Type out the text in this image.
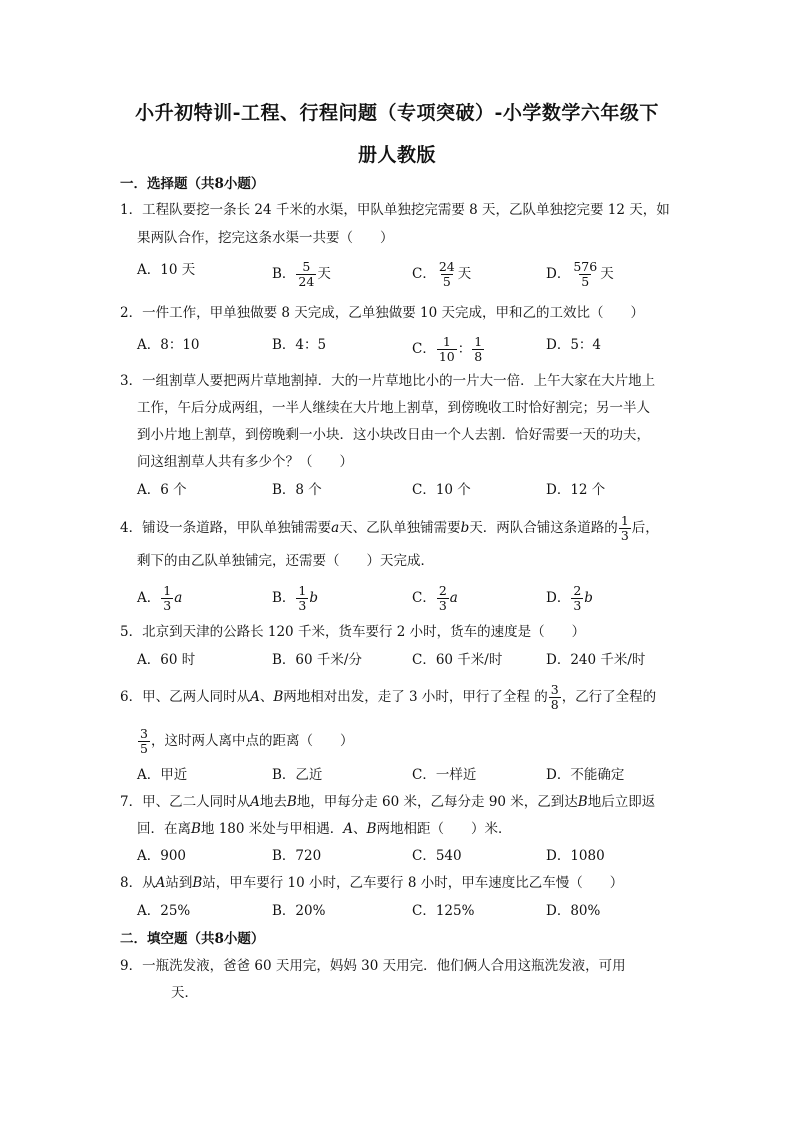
小升初特训-工程、行程问题（专项突破）-小学数学六年级下
册人教版
一．选择题（共8小题）
1．工程队要挖一条长 24 千米的水渠，甲队单独挖完需要 8 天，乙队单独挖完要 12 天，如
果两队合作，挖完这条水渠一共要（　　）
A．10 天	B． $\frac{5}{24}$ 天	C． $\frac{24}{5}$ 天	D． $\frac{576}{5}$ 天
2．一件工作，甲单独做要 8 天完成，乙单独做要 10 天完成，甲和乙的工效比（　　）
A．8：10	B．4：5	C． $\frac{1}{10}$ ： $\frac{1}{8}$	D．5：4
3．一组割草人要把两片草地割掉．大的一片草地比小的一片大一倍．上午大家在大片地上
工作，午后分成两组，一半人继续在大片地上割草，到傍晚收工时恰好割完；另一半人
到小片地上割草，到傍晚剩一小块．这小块改日由一个人去割．恰好需要一天的功夫，
问这组割草人共有多少个？（　　）
A．6 个	B．8 个	C．10 个	D．12 个
4．铺设一条道路，甲队单独铺需要a天、乙队单独铺需要b天．两队合铺这条道路的 $\frac{1}{3}$ 后，
剩下的由乙队单独铺完，还需要（　　）天完成．
A． $\frac{1}{3}$ a	B． $\frac{1}{3}$ b	C． $\frac{2}{3}$ a	D． $\frac{2}{3}$ b
5．北京到天津的公路长 120 千米，货车要行 2 小时，货车的速度是（　　）
A．60 时	B．60 千米/分	C．60 千米/时	D．240 千米/时
6．甲、乙两人同时从A、B两地相对出发，走了 3 小时，甲行了全程 的 $\frac{3}{8}$ ，乙行了全程的
$\frac{3}{5}$ ，这时两人离中点的距离（　　）
A．甲近	B．乙近	C．一样近	D．不能确定
7．甲、乙二人同时从A地去B地，甲每分走 60 米，乙每分走 90 米，乙到达B地后立即返
回．在离B地 180 米处与甲相遇．A、B两地相距（　　）米．
A．900	B．720	C．540	D．1080
8．从A站到B站，甲车要行 10 小时，乙车要行 8 小时，甲车速度比乙车慢（　　）
A．25%	B．20%	C．125%	D．80%
二．填空题（共8小题）
9．一瓶洗发液，爸爸 60 天用完，妈妈 30 天用完．他们俩人合用这瓶洗发液，可用
天．
